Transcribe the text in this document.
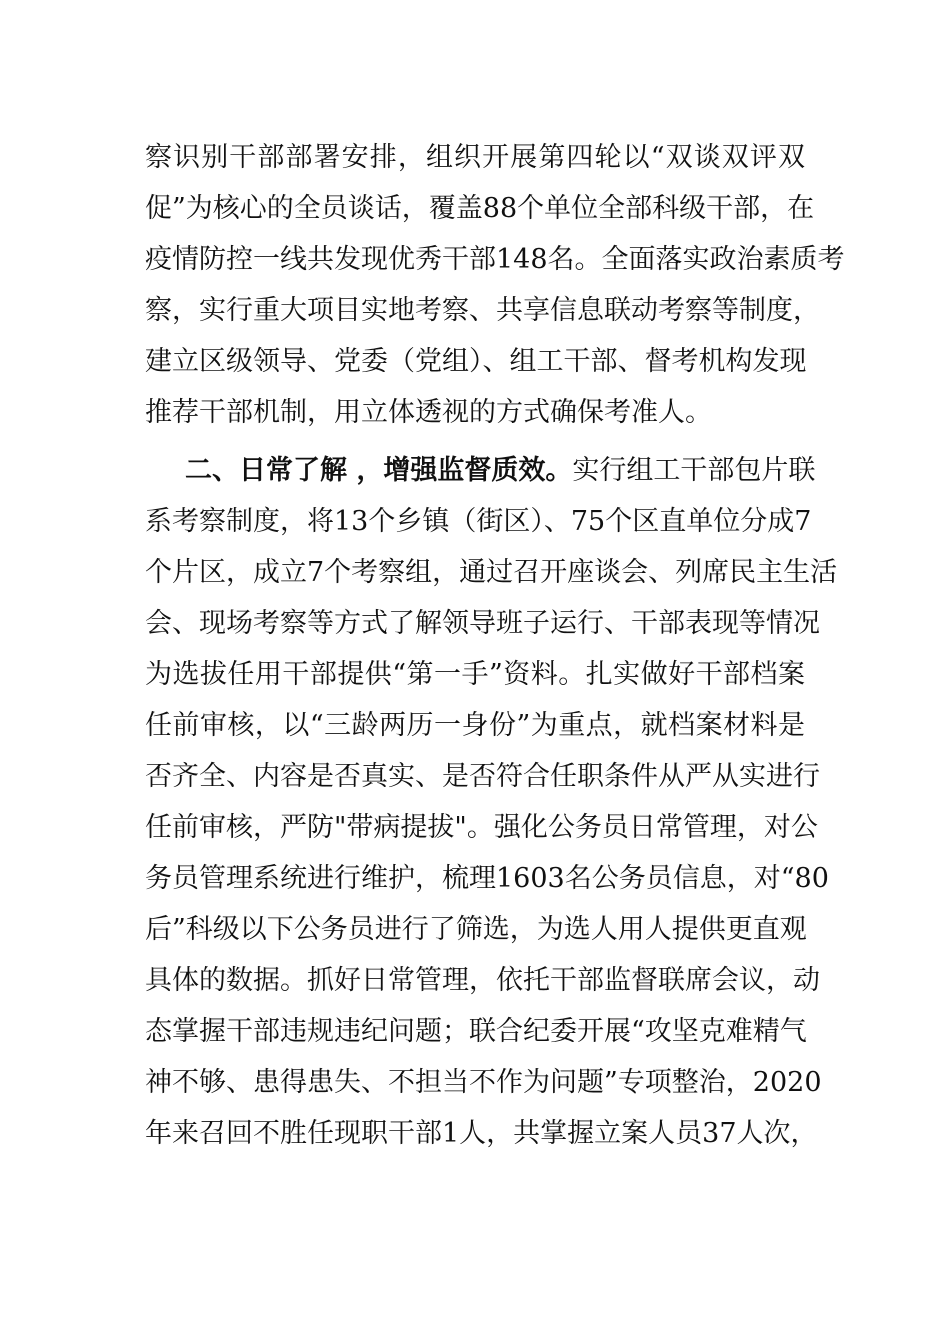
察识别干部部署安排，组织开展第四轮以“双谈双评双
促”为核心的全员谈话，覆盖88个单位全部科级干部，在
疫情防控一线共发现优秀干部148名。全面落实政治素质考
察，实行重大项目实地考察、共享信息联动考察等制度，
建立区级领导、党委（党组）、组工干部、督考机构发现
推荐干部机制，用立体透视的方式确保考准人。
二、日常了解 ，增强监督质效。实行组工干部包片联
系考察制度，将13个乡镇（街区）、75个区直单位分成7
个片区，成立7个考察组，通过召开座谈会、列席民主生活
会、现场考察等方式了解领导班子运行、干部表现等情况
为选拔任用干部提供“第一手”资料。扎实做好干部档案
任前审核，以“三龄两历一身份”为重点，就档案材料是
否齐全、内容是否真实、是否符合任职条件从严从实进行
任前审核，严防"带病提拔"。强化公务员日常管理，对公
务员管理系统进行维护，梳理1603名公务员信息，对“80
后”科级以下公务员进行了筛选，为选人用人提供更直观
具体的数据。抓好日常管理，依托干部监督联席会议，动
态掌握干部违规违纪问题；联合纪委开展“攻坚克难精气
神不够、患得患失、不担当不作为问题”专项整治，2020
年来召回不胜任现职干部1人，共掌握立案人员37人次，
